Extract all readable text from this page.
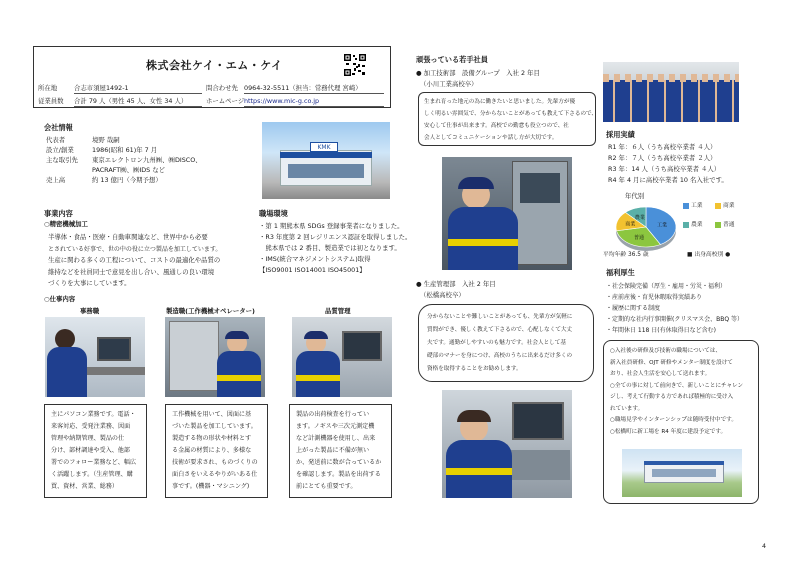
株式会社ケイ・エム・ケイ
所在地	合志市須屋1492-1	問合わせ先 0964-32-5511（担当：常務代理 宮崎）
従業員数 合計 79 人（男性 45 人、女性 34 人）	ホームページ https://www.mic-g.co.jp
会社情報
代表者	境野 哉嗣
設立/創業	1986(昭和 61)年 7 月
主な取引先 東京エレクトロン九州㈱、㈱DISCO、
PACRAFT㈱、㈱IDS など
売上高	約 13 億円（今期予想）
KMK
事業内容
○精密機械加工
半導体・食品・医療・自動車関連など、世界中から必要
とされている好事で、世の中の役に立つ製品を加工しています。
生産に関わる多くの工程について、コストの最適化や品質の
維持などを社員同士で意見を出し合い、風通しの良い環境
づくりを大事にしています。
職場環境
・第 1 期熊本県 SDGs 登録事業者になりました。
・R3 年度第 2 回レジリエンス認証を取得しました。
　熊本県では 2 番目、製造業では初となります。
・IMS(統合マネジメントシステム)取得
【ISO9001 ISO14001 ISO45001】
○仕事内容
事務職	製造職(工作機械オペレーター)	品質管理
主にパソコン業務です。電話・
来客対応、受発注業務、図面
管理や納期管理、製品の仕
分け、部材調達や受入、他部
署でのフォロー業務など、幅広
く活躍します。（生産管理、購
買、資材、営業、総務）
工作機械を用いて、図面に基
づいた製品を加工しています。
製造する物の形状や材料とす
る金属の材質により、多様な
技術が要求され、ものづくりの
面白さをいえるやりがいある仕
事です。(機器・マシニング)
製品の出荷検査を行ってい
ます。ノギスや三次元測定機
など計測機器を使用し、出来
上がった製品に不備が無い
か、発送前に数が合っているか
を確認します。製品を出荷する
前にとても重要です。
頑張っている若手社員
● 加工技術部　設備グループ　入社 2 年目
（小川工業高校卒）
生まれ育った地元の為に働きたいと思いました。先輩方が優
しく明るい雰囲気で、分からないことがあっても教えて下さるので、
安心して仕事が出来ます。高校での勤怠も役立つので、社
会人としてコミュニケーションや話し方が大切です。
● 生産管理部　入社 2 年目
（松橋高校卒）
分からないことや難しいことがあっても、先輩方が気軽に
質問ができ、優しく教えて下さるので、心配しなくて大丈
夫です。通勤がしやすいのも魅力です。社会人として基
礎部のマナーを身につけ、高校のうちに出来るだけ多くの
資格を取得することをお勧めします。
採用実績
R1 年：６人（うち高校卒業者 ４人）
R2 年：７人（うち高校卒業者 ２人）
R3 年：14 人（うち高校卒業者 ４人）
R4 年 4 月に高校卒業者 10 名入社です。
年代別
工業
普通
商業
農業
工業	商業農業	普通
平均年齢 36.5 歳	■ 出身高校別 ●
福利厚生
・社会保険完備（厚生・雇用・労災・福利）
・産前産後・育児休暇取得実績あり
・履歴に関する制度
・定期的な社内行事開催(クリスマス会、BBQ 等）
・年間休日 118 日(有休取得日など含む)
○入社後の研修及び技術の職場については、
新入社員研修、OJT 研修やメンター制度を設けて
おり、社会人生活を安心して送れます。
○全ての事に対して前向きで、新しいことにチャレン
ジし、考えて行動する方であれば積極的に受け入
れています。
○職場見学やインターンシップは随時受付中です。
○松橋町に新工場を R4 年度に建設予定です。
4
